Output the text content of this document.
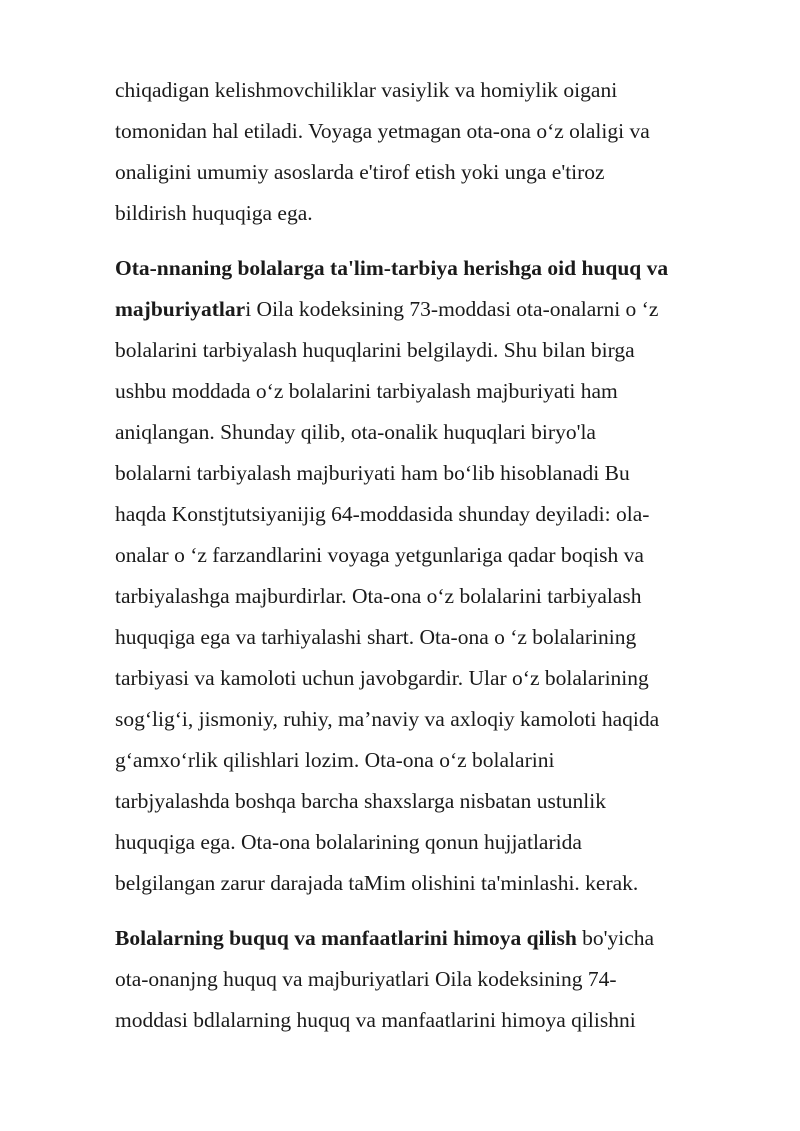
chiqadigan kelishmovchiliklar vasiylik va homiylik oigani
tomonidan hal etiladi. Voyaga yetmagan ota-ona o‘z olaligi va
onaligini umumiy asoslarda e'tirof etish yoki unga e'tiroz
bildirish huquqiga ega.
Ota-nnaning bolalarga ta'lim-tarbiya herishga oid huquq va
majburiyatlari Oila kodeksining 73-moddasi ota-onalarni o ‘z
bolalarini tarbiyalash huquqlarini belgilaydi. Shu bilan birga
ushbu moddada o‘z bolalarini tarbiyalash majburiyati ham
aniqlangan. Shunday qilib, ota-onalik huquqlari biryo'la
bolalarni tarbiyalash majburiyati ham bo‘lib hisoblanadi Bu
haqda Konstjtutsiyanijig 64-moddasida shunday deyiladi: ola-
onalar o ‘z farzandlarini voyaga yetgunlariga qadar boqish va
tarbiyalashga majburdirlar. Ota-ona o‘z bolalarini tarbiyalash
huquqiga ega va tarhiyalashi shart. Ota-ona o ‘z bolalarining
tarbiyasi va kamoloti uchun javobgardir. Ular o‘z bolalarining
sog‘lig‘i, jismoniy, ruhiy, ma’naviy va axloqiy kamoloti haqida
g‘amxo‘rlik qilishlari lozim. Ota-ona o‘z bolalarini
tarbjyalashda boshqa barcha shaxslarga nisbatan ustunlik
huquqiga ega. Ota-ona bolalarining qonun hujjatlarida
belgilangan zarur darajada taMim olishini ta'minlashi. kerak.
Bolalarning buquq va manfaatlarini himoya qilish bo'yicha
ota-onanjng huquq va majburiyatlari Oila kodeksining 74-
moddasi bdlalarning huquq va manfaatlarini himoya qilishni
